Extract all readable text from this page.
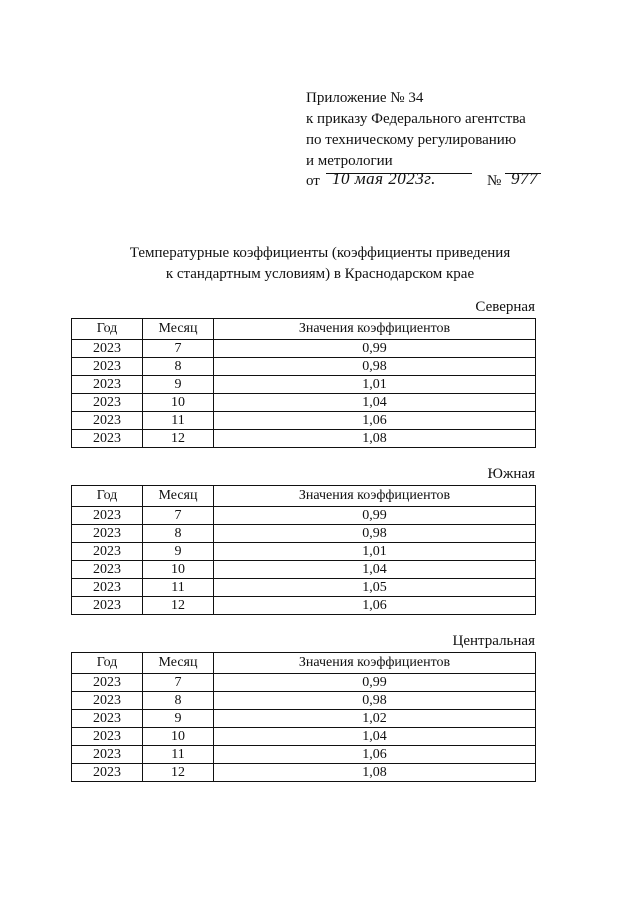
Приложение № 34
к приказу Федерального агентства
по техническому регулированию
и метрологии
от 10 мая 2023г.	№ 977
Температурные коэффициенты (коэффициенты приведения
к стандартным условиям) в Краснодарском крае
Северная
Год	Месяц	Значения коэффициентов
2023	7	0,99
2023	8	0,98
2023	9	1,01
2023	10	1,04
2023	11	1,06
2023	12	1,08
Южная
Год	Месяц	Значения коэффициентов
2023	7	0,99
2023	8	0,98
2023	9	1,01
2023	10	1,04
2023	11	1,05
2023	12	1,06
Центральная
Год	Месяц	Значения коэффициентов
2023	7	0,99
2023	8	0,98
2023	9	1,02
2023	10	1,04
2023	11	1,06
2023	12	1,08
